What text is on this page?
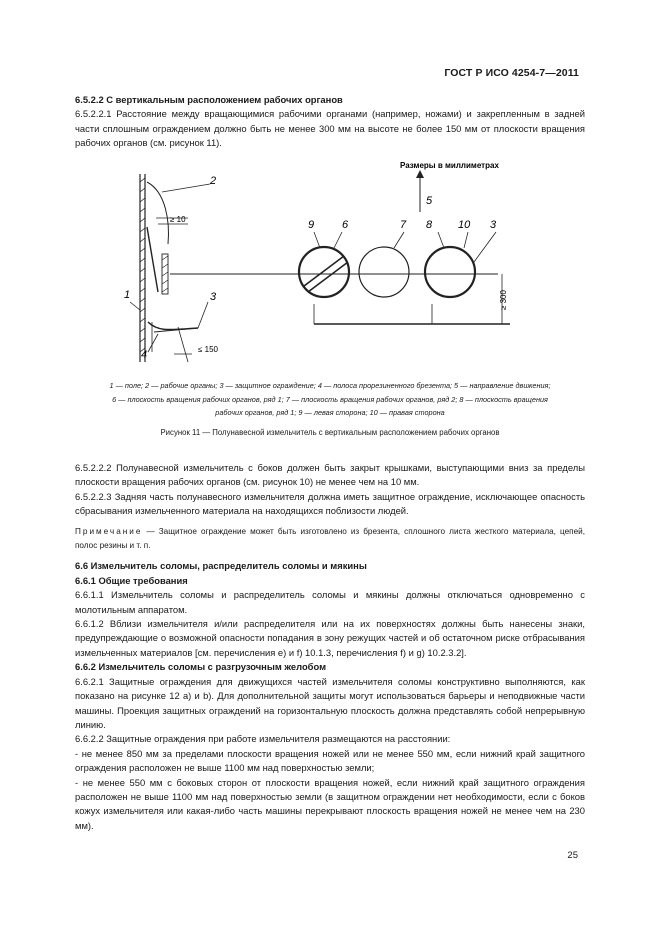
ГОСТ Р ИСО 4254-7—2011

6.5.2.2 С вертикальным расположением рабочих органов

6.5.2.2.1 Расстояние между вращающимися рабочими органами (например, ножами) и закрепленным в задней части сплошным ограждением должно быть не менее 300 мм на высоте не более 150 мм от плоскости вращения рабочих органов (см. рисунок 11).

2
1	3
4
≥ 10
≤ 150
Размеры в миллиметрах
5
9	6	7 8 10 3
≥ 300
1 — поле; 2 — рабочие органы; 3 — защитное ограждение; 4 — полоса прорезиненного брезента; 5 — направление движения;
6 — плоскость вращения рабочих органов, ряд 1; 7 — плоскость вращения рабочих органов, ряд 2; 8 — плоскость вращения
рабочих органов, ряд 1; 9 — левая сторона; 10 — правая сторона
Рисунок 11 — Полунавесной измельчитель с вертикальным расположением рабочих органов

6.5.2.2.2 Полунавесной измельчитель с боков должен быть закрыт крышками, выступающими вниз за пределы плоскости вращения рабочих органов (см. рисунок 10) не менее чем на 10 мм.

6.5.2.2.3 Задняя часть полунавесного измельчителя должна иметь защитное ограждение, исключающее опасность сбрасывания измельченного материала на находящихся поблизости людей.

Примечание — Защитное ограждение может быть изготовлено из брезента, сплошного листа жесткого материала, цепей, полос резины и т. п.

6.6 Измельчитель соломы, распределитель соломы и мякины

6.6.1 Общие требования

6.6.1.1 Измельчитель соломы и распределитель соломы и мякины должны отключаться одновременно с молотильным аппаратом.

6.6.1.2 Вблизи измельчителя и/или распределителя или на их поверхностях должны быть нанесены знаки, предупреждающие о возможной опасности попадания в зону режущих частей и об остаточном риске отбрасывания измельченных материалов [см. перечисления е) и f) 10.1.3, перечисления f) и g) 10.2.3.2].

6.6.2 Измельчитель соломы с разгрузочным желобом

6.6.2.1 Защитные ограждения для движущихся частей измельчителя соломы конструктивно выполняются, как показано на рисунке 12 а) и b). Для дополнительной защиты могут использоваться барьеры и неподвижные части машины. Проекция защитных ограждений на горизонтальную плоскость должна представлять собой непрерывную линию.

6.6.2.2 Защитные ограждения при работе измельчителя размещаются на расстоянии:

- не менее 850 мм за пределами плоскости вращения ножей или не менее 550 мм, если нижний край защитного ограждения расположен не выше 1100 мм над поверхностью земли;

- не менее 550 мм с боковых сторон от плоскости вращения ножей, если нижний край защитного ограждения расположен не выше 1100 мм над поверхностью земли (в защитном ограждении нет необходимости, если с боков кожух измельчителя или какая-либо часть машины перекрывают плоскость вращения ножей не менее чем на 230 мм).

25
